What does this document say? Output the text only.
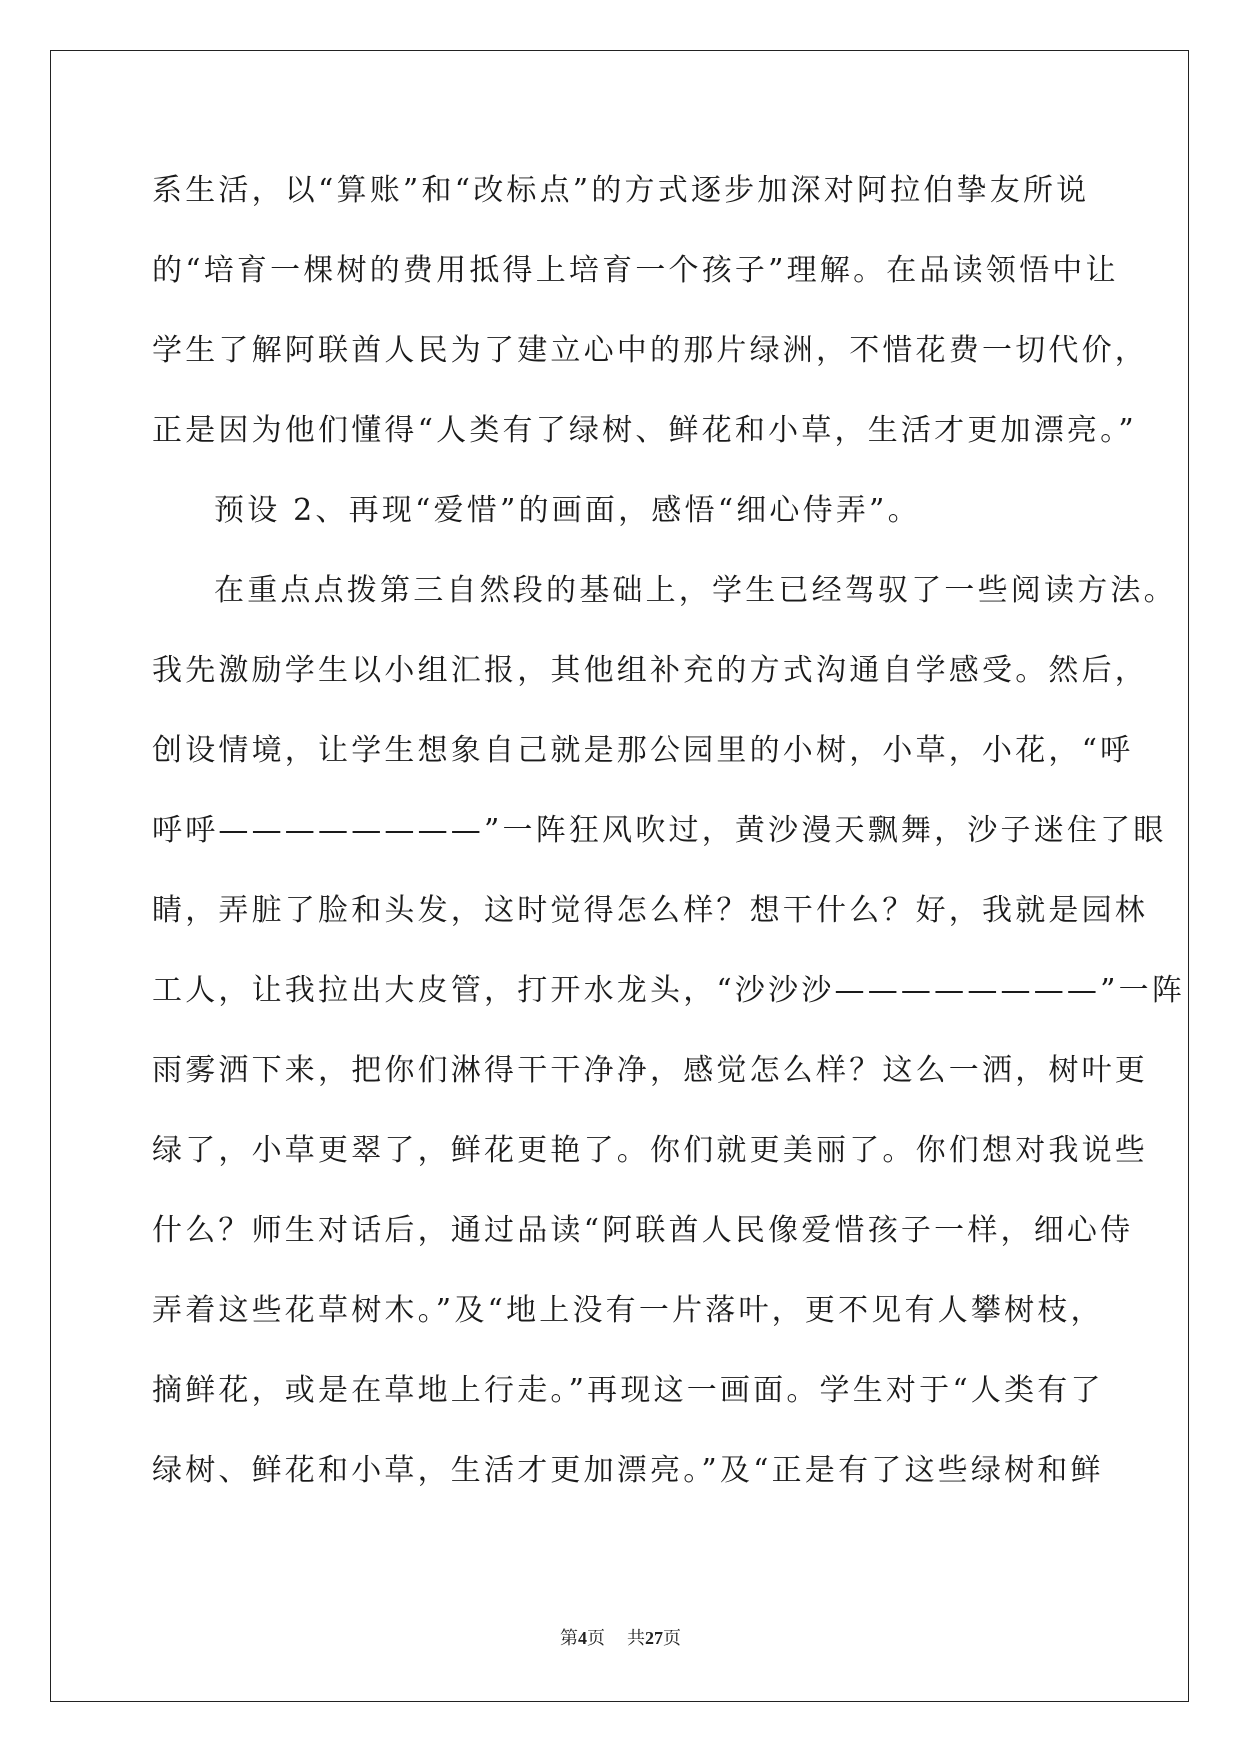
系生活，以“算账”和“改标点”的方式逐步加深对阿拉伯挚友所说

的“培育一棵树的费用抵得上培育一个孩子”理解。在品读领悟中让

学生了解阿联酋人民为了建立心中的那片绿洲，不惜花费一切代价，

正是因为他们懂得“人类有了绿树、鲜花和小草，生活才更加漂亮。”

预设 2、再现“爱惜”的画面，感悟“细心侍弄”。

在重点点拨第三自然段的基础上，学生已经驾驭了一些阅读方法。

我先激励学生以小组汇报，其他组补充的方式沟通自学感受。然后，

创设情境，让学生想象自己就是那公园里的小树，小草，小花，“呼

呼呼————————”一阵狂风吹过，黄沙漫天飘舞，沙子迷住了眼

睛，弄脏了脸和头发，这时觉得怎么样？想干什么？好，我就是园林

工人，让我拉出大皮管，打开水龙头，“沙沙沙————————”一阵

雨雾洒下来，把你们淋得干干净净，感觉怎么样？这么一洒，树叶更

绿了，小草更翠了，鲜花更艳了。你们就更美丽了。你们想对我说些

什么？师生对话后，通过品读“阿联酋人民像爱惜孩子一样，细心侍

弄着这些花草树木。”及“地上没有一片落叶，更不见有人攀树枝，

摘鲜花，或是在草地上行走。”再现这一画面。学生对于“人类有了

绿树、鲜花和小草，生活才更加漂亮。”及“正是有了这些绿树和鲜

第4页 共27页
